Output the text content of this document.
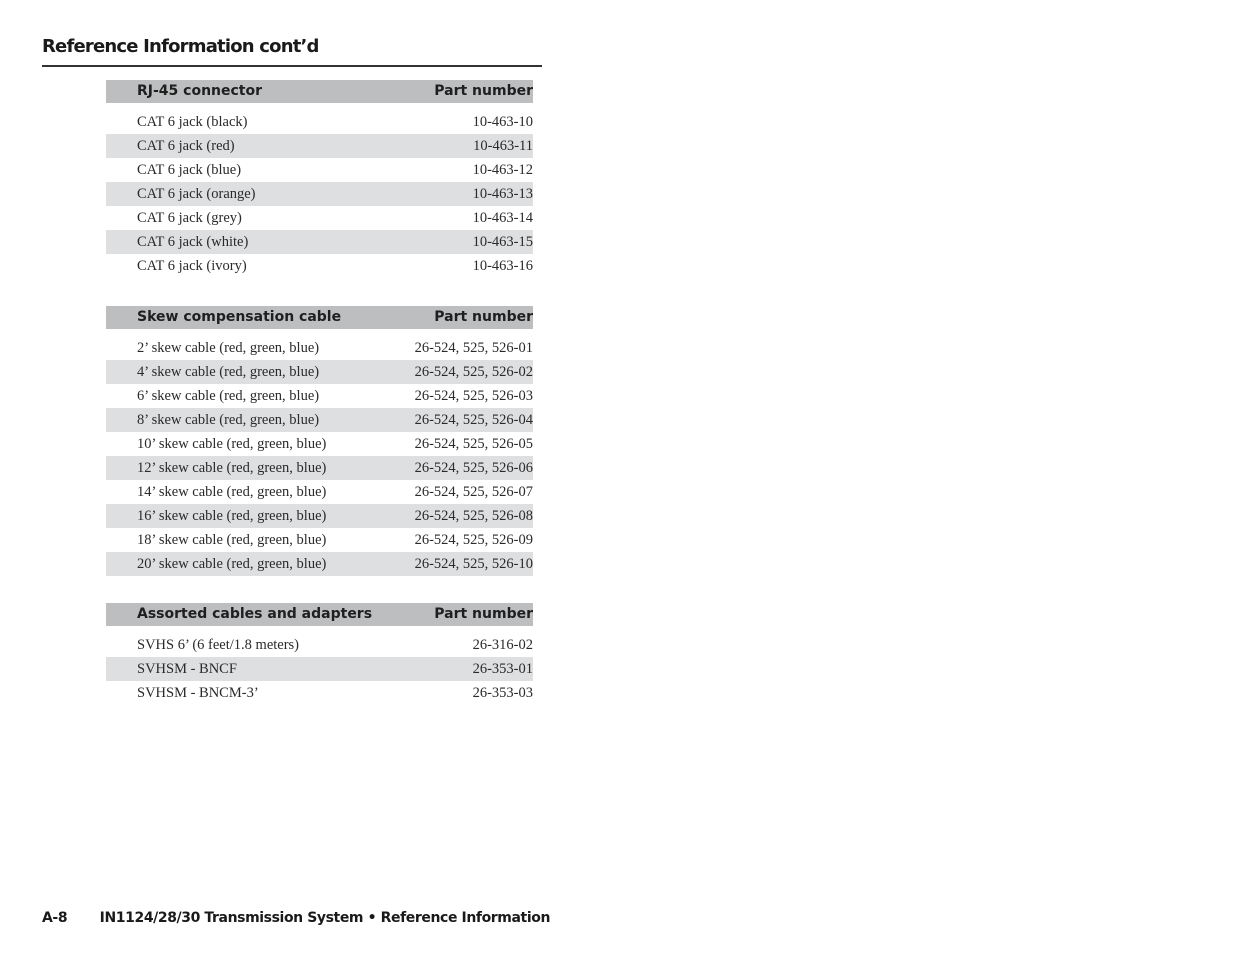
Reference Information cont’d
RJ-45 connector	Part number
CAT 6 jack (black)	10-463-10
CAT 6 jack (red)	10-463-11
CAT 6 jack (blue)	10-463-12
CAT 6 jack (orange)	10-463-13
CAT 6 jack (grey)	10-463-14
CAT 6 jack (white)	10-463-15
CAT 6 jack (ivory)	10-463-16
Skew compensation cable	Part number
2’ skew cable (red, green, blue)	26-524, 525, 526-01
4’ skew cable (red, green, blue)	26-524, 525, 526-02
6’ skew cable (red, green, blue)	26-524, 525, 526-03
8’ skew cable (red, green, blue)	26-524, 525, 526-04
10’ skew cable (red, green, blue)	26-524, 525, 526-05
12’ skew cable (red, green, blue)	26-524, 525, 526-06
14’ skew cable (red, green, blue)	26-524, 525, 526-07
16’ skew cable (red, green, blue)	26-524, 525, 526-08
18’ skew cable (red, green, blue)	26-524, 525, 526-09
20’ skew cable (red, green, blue)	26-524, 525, 526-10
Assorted cables and adapters	Part number
SVHS 6’ (6 feet/1.8 meters)	26-316-02
SVHSM - BNCF	26-353-01
SVHSM - BNCM-3’	26-353-03
A-8 IN1124/28/30 Transmission System • Reference Information
